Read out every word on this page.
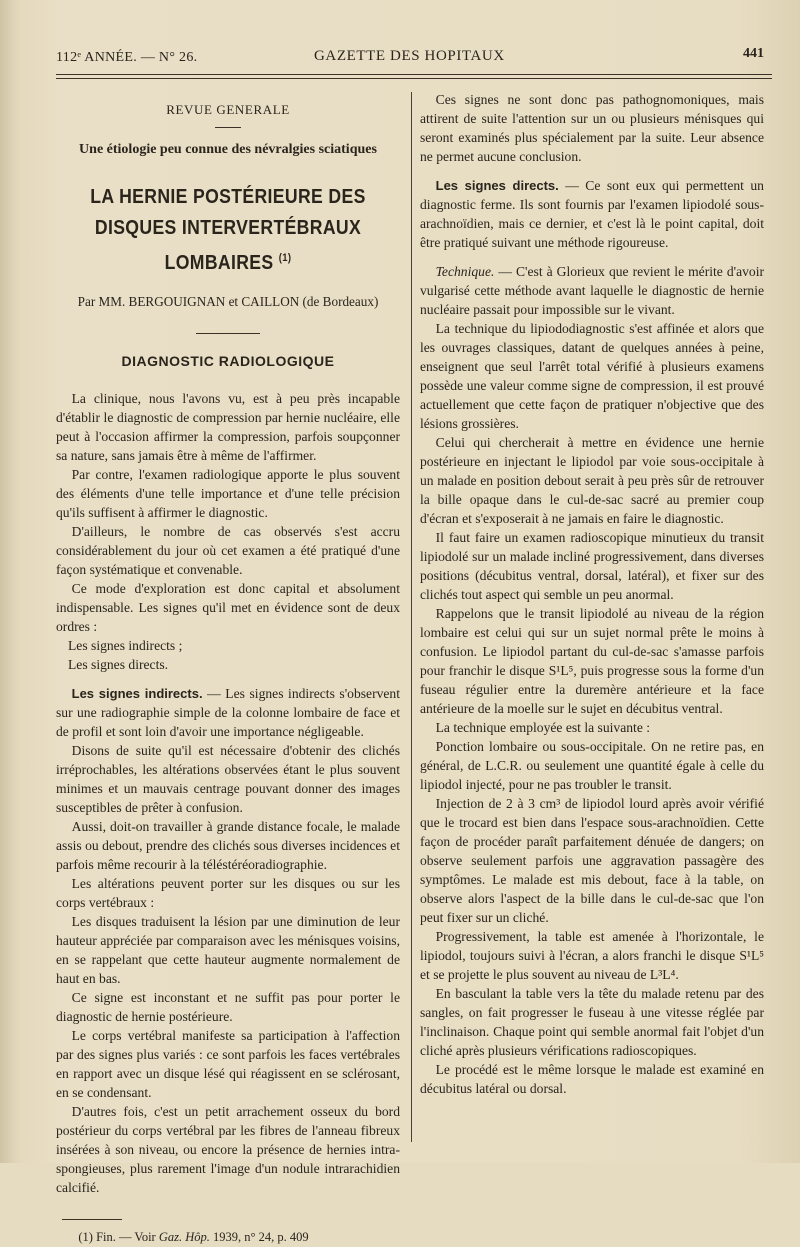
112ᵉ ANNÉE. — N° 26.	GAZETTE DES HOPITAUX	441
REVUE GENERALE
Une étiologie peu connue des névralgies sciatiques
LA HERNIE POSTÉRIEURE DES
DISQUES INTERVERTÉBRAUX LOMBAIRES $^{(1)}$
Par MM. BERGOUIGNAN et CAILLON (de Bordeaux)
DIAGNOSTIC RADIOLOGIQUE

La clinique, nous l'avons vu, est à peu près incapable d'établir le diagnostic de compression par hernie nucléaire, elle peut à l'occasion affirmer la compression, parfois soupçonner sa nature, sans jamais être à même de l'affirmer.

Par contre, l'examen radiologique apporte le plus souvent des éléments d'une telle importance et d'une telle précision qu'ils suffisent à affirmer le diagnostic.

D'ailleurs, le nombre de cas observés s'est accru considérablement du jour où cet examen a été pratiqué d'une façon systématique et convenable.

Ce mode d'exploration est donc capital et absolument indispensable. Les signes qu'il met en évidence sont de deux ordres :

Les signes indirects ;

Les signes directs.

Les signes indirects. — Les signes indirects s'observent sur une radiographie simple de la colonne lombaire de face et de profil et sont loin d'avoir une importance négligeable.

Disons de suite qu'il est nécessaire d'obtenir des clichés irréprochables, les altérations observées étant le plus souvent minimes et un mauvais centrage pouvant donner des images susceptibles de prêter à confusion.

Aussi, doit-on travailler à grande distance focale, le malade assis ou debout, prendre des clichés sous diverses incidences et parfois même recourir à la téléstéréoradiographie.

Les altérations peuvent porter sur les disques ou sur les corps vertébraux :

Les disques traduisent la lésion par une diminution de leur hauteur appréciée par comparaison avec les ménisques voisins, en se rappelant que cette hauteur augmente normalement de haut en bas.

Ce signe est inconstant et ne suffit pas pour porter le diagnostic de hernie postérieure.

Le corps vertébral manifeste sa participation à l'affection par des signes plus variés : ce sont parfois les faces vertébrales en rapport avec un disque lésé qui réagissent en se sclérosant, en se condensant.

D'autres fois, c'est un petit arrachement osseux du bord postérieur du corps vertébral par les fibres de l'anneau fibreux insérées à son niveau, ou encore la présence de hernies intra-spongieuses, plus rarement l'image d'un nodule intrarachidien calcifié.

(1) Fin. — Voir Gaz. Hôp. 1939, n° 24, p. 409

Ces signes ne sont donc pas pathognomoniques, mais attirent de suite l'attention sur un ou plusieurs ménisques qui seront examinés plus spécialement par la suite. Leur absence ne permet aucune conclusion.

Les signes directs. — Ce sont eux qui permettent un diagnostic ferme. Ils sont fournis par l'examen lipiodolé sous-arachnoïdien, mais ce dernier, et c'est là le point capital, doit être pratiqué suivant une méthode rigoureuse.

Technique. — C'est à Glorieux que revient le mérite d'avoir vulgarisé cette méthode avant laquelle le diagnostic de hernie nucléaire passait pour impossible sur le vivant.

La technique du lipiododiagnostic s'est affinée et alors que les ouvrages classiques, datant de quelques années à peine, enseignent que seul l'arrêt total vérifié à plusieurs examens possède une valeur comme signe de compression, il est prouvé actuellement que cette façon de pratiquer n'objective que des lésions grossières.

Celui qui chercherait à mettre en évidence une hernie postérieure en injectant le lipiodol par voie sous-occipitale à un malade en position debout serait à peu près sûr de retrouver la bille opaque dans le cul-de-sac sacré au premier coup d'écran et s'exposerait à ne jamais en faire le diagnostic.

Il faut faire un examen radioscopique minutieux du transit lipiodolé sur un malade incliné progressivement, dans diverses positions (décubitus ventral, dorsal, latéral), et fixer sur des clichés tout aspect qui semble un peu anormal.

Rappelons que le transit lipiodolé au niveau de la région lombaire est celui qui sur un sujet normal prête le moins à confusion. Le lipiodol partant du cul-de-sac s'amasse parfois pour franchir le disque S¹L⁵, puis progresse sous la forme d'un fuseau régulier entre la duremère antérieure et la face antérieure de la moelle sur le sujet en décubitus ventral.

La technique employée est la suivante :

Ponction lombaire ou sous-occipitale. On ne retire pas, en général, de L.C.R. ou seulement une quantité égale à celle du lipiodol injecté, pour ne pas troubler le transit.

Injection de 2 à 3 cm³ de lipiodol lourd après avoir vérifié que le trocard est bien dans l'espace sous-arachnoïdien. Cette façon de procéder paraît parfaitement dénuée de dangers; on observe seulement parfois une aggravation passagère des symptômes. Le malade est mis debout, face à la table, on observe alors l'aspect de la bille dans le cul-de-sac que l'on peut fixer sur un cliché.

Progressivement, la table est amenée à l'horizontale, le lipiodol, toujours suivi à l'écran, a alors franchi le disque S¹L⁵ et se projette le plus souvent au niveau de L³L⁴.

En basculant la table vers la tête du malade retenu par des sangles, on fait progresser le fuseau à une vitesse réglée par l'inclinaison. Chaque point qui semble anormal fait l'objet d'un cliché après plusieurs vérifications radioscopiques.

Le procédé est le même lorsque le malade est examiné en décubitus latéral ou dorsal.
